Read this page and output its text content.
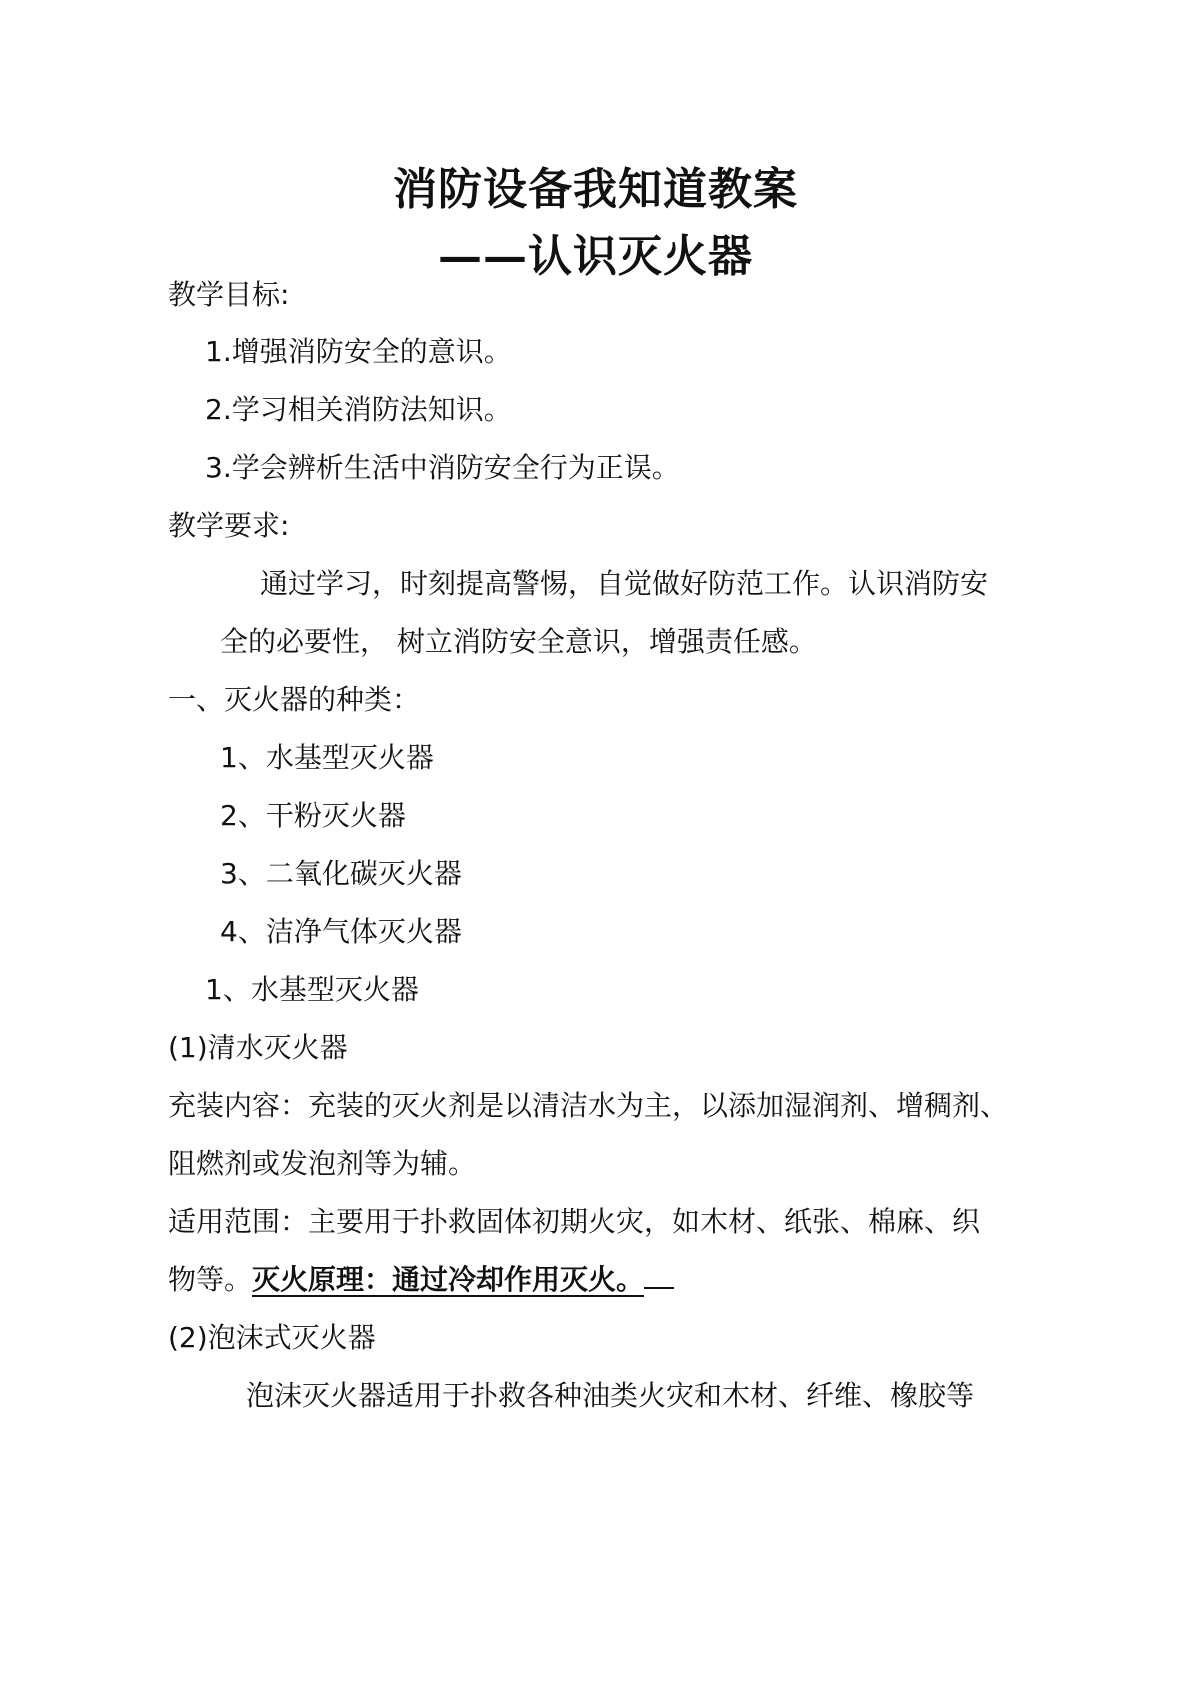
消防设备我知道教案
——认识灭火器

教学目标:

1.增强消防安全的意识。

2.学习相关消防法知识。

3.学会辨析生活中消防安全行为正误。

教学要求:

通过学习，时刻提高警惕，自觉做好防范工作。认识消防安

全的必要性， 树立消防安全意识，增强责任感。

一、灭火器的种类：

1、水基型灭火器

2、干粉灭火器

3、二氧化碳灭火器

4、洁净气体灭火器

1、水基型灭火器

(1)清水灭火器

充装内容：充装的灭火剂是以清洁水为主，以添加湿润剂、增稠剂、

阻燃剂或发泡剂等为辅。

适用范围：主要用于扑救固体初期火灾，如木材、纸张、棉麻、织

物等。灭火原理：通过冷却作用灭火。

(2)泡沫式灭火器

泡沫灭火器适用于扑救各种油类火灾和木材、纤维、橡胶等
